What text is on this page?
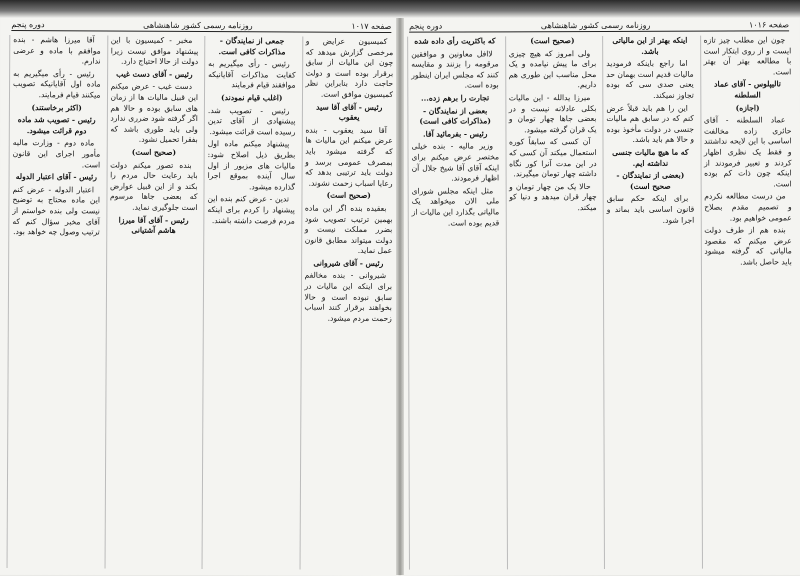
صفحه ۱۰۱۷
روزنامه رسمی کشور شاهنشاهی
دوره پنجم

کمیسیون عرایض و مرخصی گزارش میدهد که چون این مالیات از سابق برقرار بوده است و دولت حاجت دارد بنابراین نظر کمیسیون موافق است.

رئیس - آقای آقا سید یعقوب

آقا سید یعقوب - بنده عرض میکنم این مالیات ها که گرفته میشود باید بمصرف عمومی برسد و دولت باید ترتیبی بدهد که رعایا اسباب زحمت نشوند.

(صحیح است)

بعقیده بنده اگر این ماده بهمین ترتیب تصویب شود بضرر مملکت نیست و دولت میتواند مطابق قانون عمل نماید.

رئیس - آقای شیروانی

شیروانی - بنده مخالفم برای اینکه این مالیات در سابق نبوده است و حالا بخواهند برقرار کنند اسباب زحمت مردم میشود.

جمعی از نمایندگان - مذاکرات کافی است.

رئیس - رأی میگیریم به کفایت مذاکرات آقایانیکه موافقند قیام فرمایند

(اغلب قیام نمودند)

رئیس - تصویب شد. پیشنهادی از آقای تدین رسیده است قرائت میشود.

پیشنهاد میکنم ماده اول بطریق ذیل اصلاح شود: مالیات های مزبور از اول سال آینده بموقع اجرا گذارده میشود.

تدین - عرض کنم بنده این پیشنهاد را کردم برای اینکه مردم فرصت داشته باشند.

مخبر - کمیسیون با این پیشنهاد موافق نیست زیرا دولت از حالا احتیاج دارد.

رئیس - آقای دست غیب

دست غیب - عرض میکنم این قبیل مالیات ها از زمان های سابق بوده و حالا هم اگر گرفته شود ضرری ندارد ولی باید طوری باشد که بفقرا تحمیل نشود.

(صحیح است)

بنده تصور میکنم دولت باید رعایت حال مردم را بکند و از این قبیل عوارض که بعضی جاها مرسوم است جلوگیری نماید.

رئیس - آقای آقا میرزا هاشم آشتیانی

آقا میرزا هاشم - بنده موافقم با ماده و عرضی ندارم.

رئیس - رأی میگیریم به ماده اول آقایانیکه تصویب میکنند قیام فرمایند.

(اکثر برخاستند)

رئیس - تصویب شد ماده دوم قرائت میشود.

ماده دوم - وزارت مالیه مأمور اجرای این قانون است.

رئیس - آقای اعتبار الدوله

اعتبار الدوله - عرض کنم این ماده محتاج به توضیح نیست ولی بنده خواستم از آقای مخبر سؤال کنم که ترتیب وصول چه خواهد بود.

صفحه ۱۰۱۶
روزنامه رسمی کشور شاهنشاهی
دوره پنجم

چون این مطلب چیز تازه ایست و از روی ابتکار است با مطالعه بهتر آن بهتر است.

تالیپلوس - آقای عماد السلطنه

(اجازه)

عماد السلطنه - آقای حائری زاده مخالفت اساسی با این لایحه نداشتند و فقط یک نظری اظهار کردند و تعبیر فرمودند از اینکه چون ذات کم بوده است.

من درست مطالعه نکردم و تصمیم مقدم بصلاح عمومی خواهیم بود.

بنده هم از طرف دولت عرض میکنم که مقصود مالیاتی که گرفته میشود باید حاصل باشد.

اینکه بهتر از این مالیاتی باشد.

اما راجع باینکه فرمودید مالیات قدیم است بهمان حد یعنی صدی سی که بوده تجاوز نمیکند.

این را هم باید قبلاً عرض کنم که در سابق هم مالیات جنسی در دولت مأخوذ بوده و حالا هم باید باشد.

که ما هیچ مالیات جنسی نداشته ایم.

(بعضی از نمایندگان - صحیح است)

برای اینکه حکم سابق قانون اساسی باید بماند و اجرا شود.

(صحیح است)

ولی امروز که هیچ چیزی برای ما پیش نیامده و یک محل مناسب این طوری هم داریم.

میرزا یدالله - این مالیات بکلی عادلانه نیست و در بعضی جاها چهار تومان و یک قران گرفته میشود.

آن کسی که سابقاً کوره استعمال میکند آن کسی که در این مدت آنرا کور نگاه داشته چهار تومان میگیرند.

حالا یک من چهار تومان و چهار قران میدهد و دنیا کو میکند.

که باکثریت رأی داده شده

لاافل معاونین و موافقین مرقومه را بزنند و مقایسه کنند که مجلس ایران اینطور بوده است.

تجارت را برهم زده...

بعضی از نمایندگان - (مذاکرات کافی است)

رئیس - بفرمائید آقا.

وزیر مالیه - بنده خیلی مختصر عرض میکنم برای اینکه آقای آقا شیخ جلال آن اظهار فرمودند.

مثل اینکه مجلس شورای ملی الان میخواهد یک مالیاتی بگذارد این مالیات از قدیم بوده است.
